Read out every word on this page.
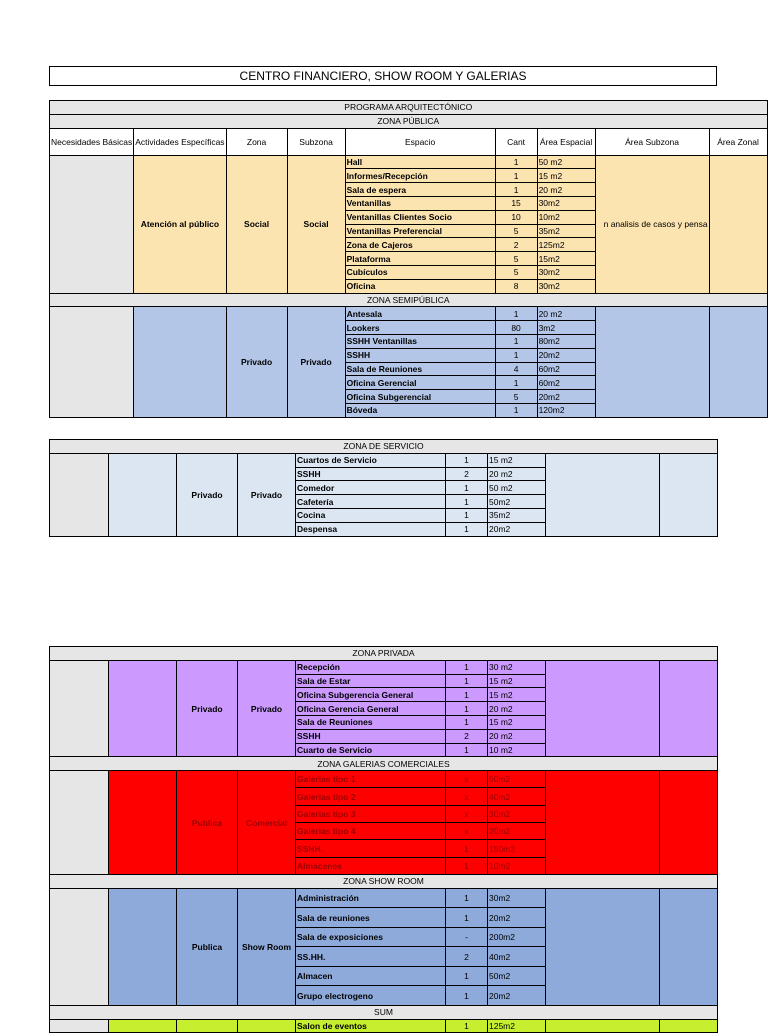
CENTRO FINANCIERO, SHOW ROOM Y GALERIAS
PROGRAMA ARQUITECTÓNICO								
ZONA PÚBLICA								
Necesidades Básicas	Actividades Específicas	Zona	Subzona	Espacio	Cant	Área Espacial	Área Subzona	Área Zonal
	Atención al público	Social	Social	Hall	1	50 m2	n analisis de casos y pensa	
				Informes/Recepción	1	15 m2		
				Sala de espera	1	20 m2		
				Ventanillas	15	30m2		
				Ventanillas Clientes Socio	10	10m2		
				Ventanillas Preferencial	5	35m2		
				Zona de Cajeros	2	125m2		
				Plataforma	5	15m2		
				Cubículos	5	30m2		
				Oficina	8	30m2		
ZONA SEMIPÚBLICA								
		Privado	Privado	Antesala	1	20 m2		
				Lookers	80	3m2		
				SSHH Ventanillas	1	80m2		
				SSHH	1	20m2		
				Sala de Reuniones	4	60m2		
				Oficina Gerencial	1	60m2		
				Oficina Subgerencial	5	20m2		
				Bóveda	1	120m2		
ZONA DE SERVICIO								
		Privado	Privado	Cuartos de Servicio	1	15 m2		
				SSHH	2	20 m2		
				Comedor	1	50 m2		
				Cafetería	1	50m2		
				Cocina	1	35m2		
				Despensa	1	20m2		
ZONA PRIVADA								
		Privado	Privado	Recepción	1	30 m2		
				Sala de Estar	1	15 m2		
				Oficina Subgerencia General	1	15 m2		
				Oficina Gerencia General	1	20 m2		
				Sala de Reuniones	1	15 m2		
				SSHH	2	20 m2		
				Cuarto de Servicio	1	10 m2		
ZONA GALERIAS COMERCIALES								
		Publica	Comercial	Galerias tipo 1	x	50m2		
				Galerias tipo 2	x	40m2		
				Galerias tipo 3	x	30m2		
				Galerias tipo 4	x	20m2		
				SSHH.	1	150m2		
				Almacenes	1	10m2		
ZONA SHOW ROOM								
		Publica	Show Room	Administración	1	30m2		
				Sala de reuniones	1	20m2		
				Sala de exposiciones	-	200m2		
				SS.HH.	2	40m2		
				Almacen	1	50m2		
				Grupo electrogeno	1	20m2		
SUM								
				Salon de eventos	1	125m2		
